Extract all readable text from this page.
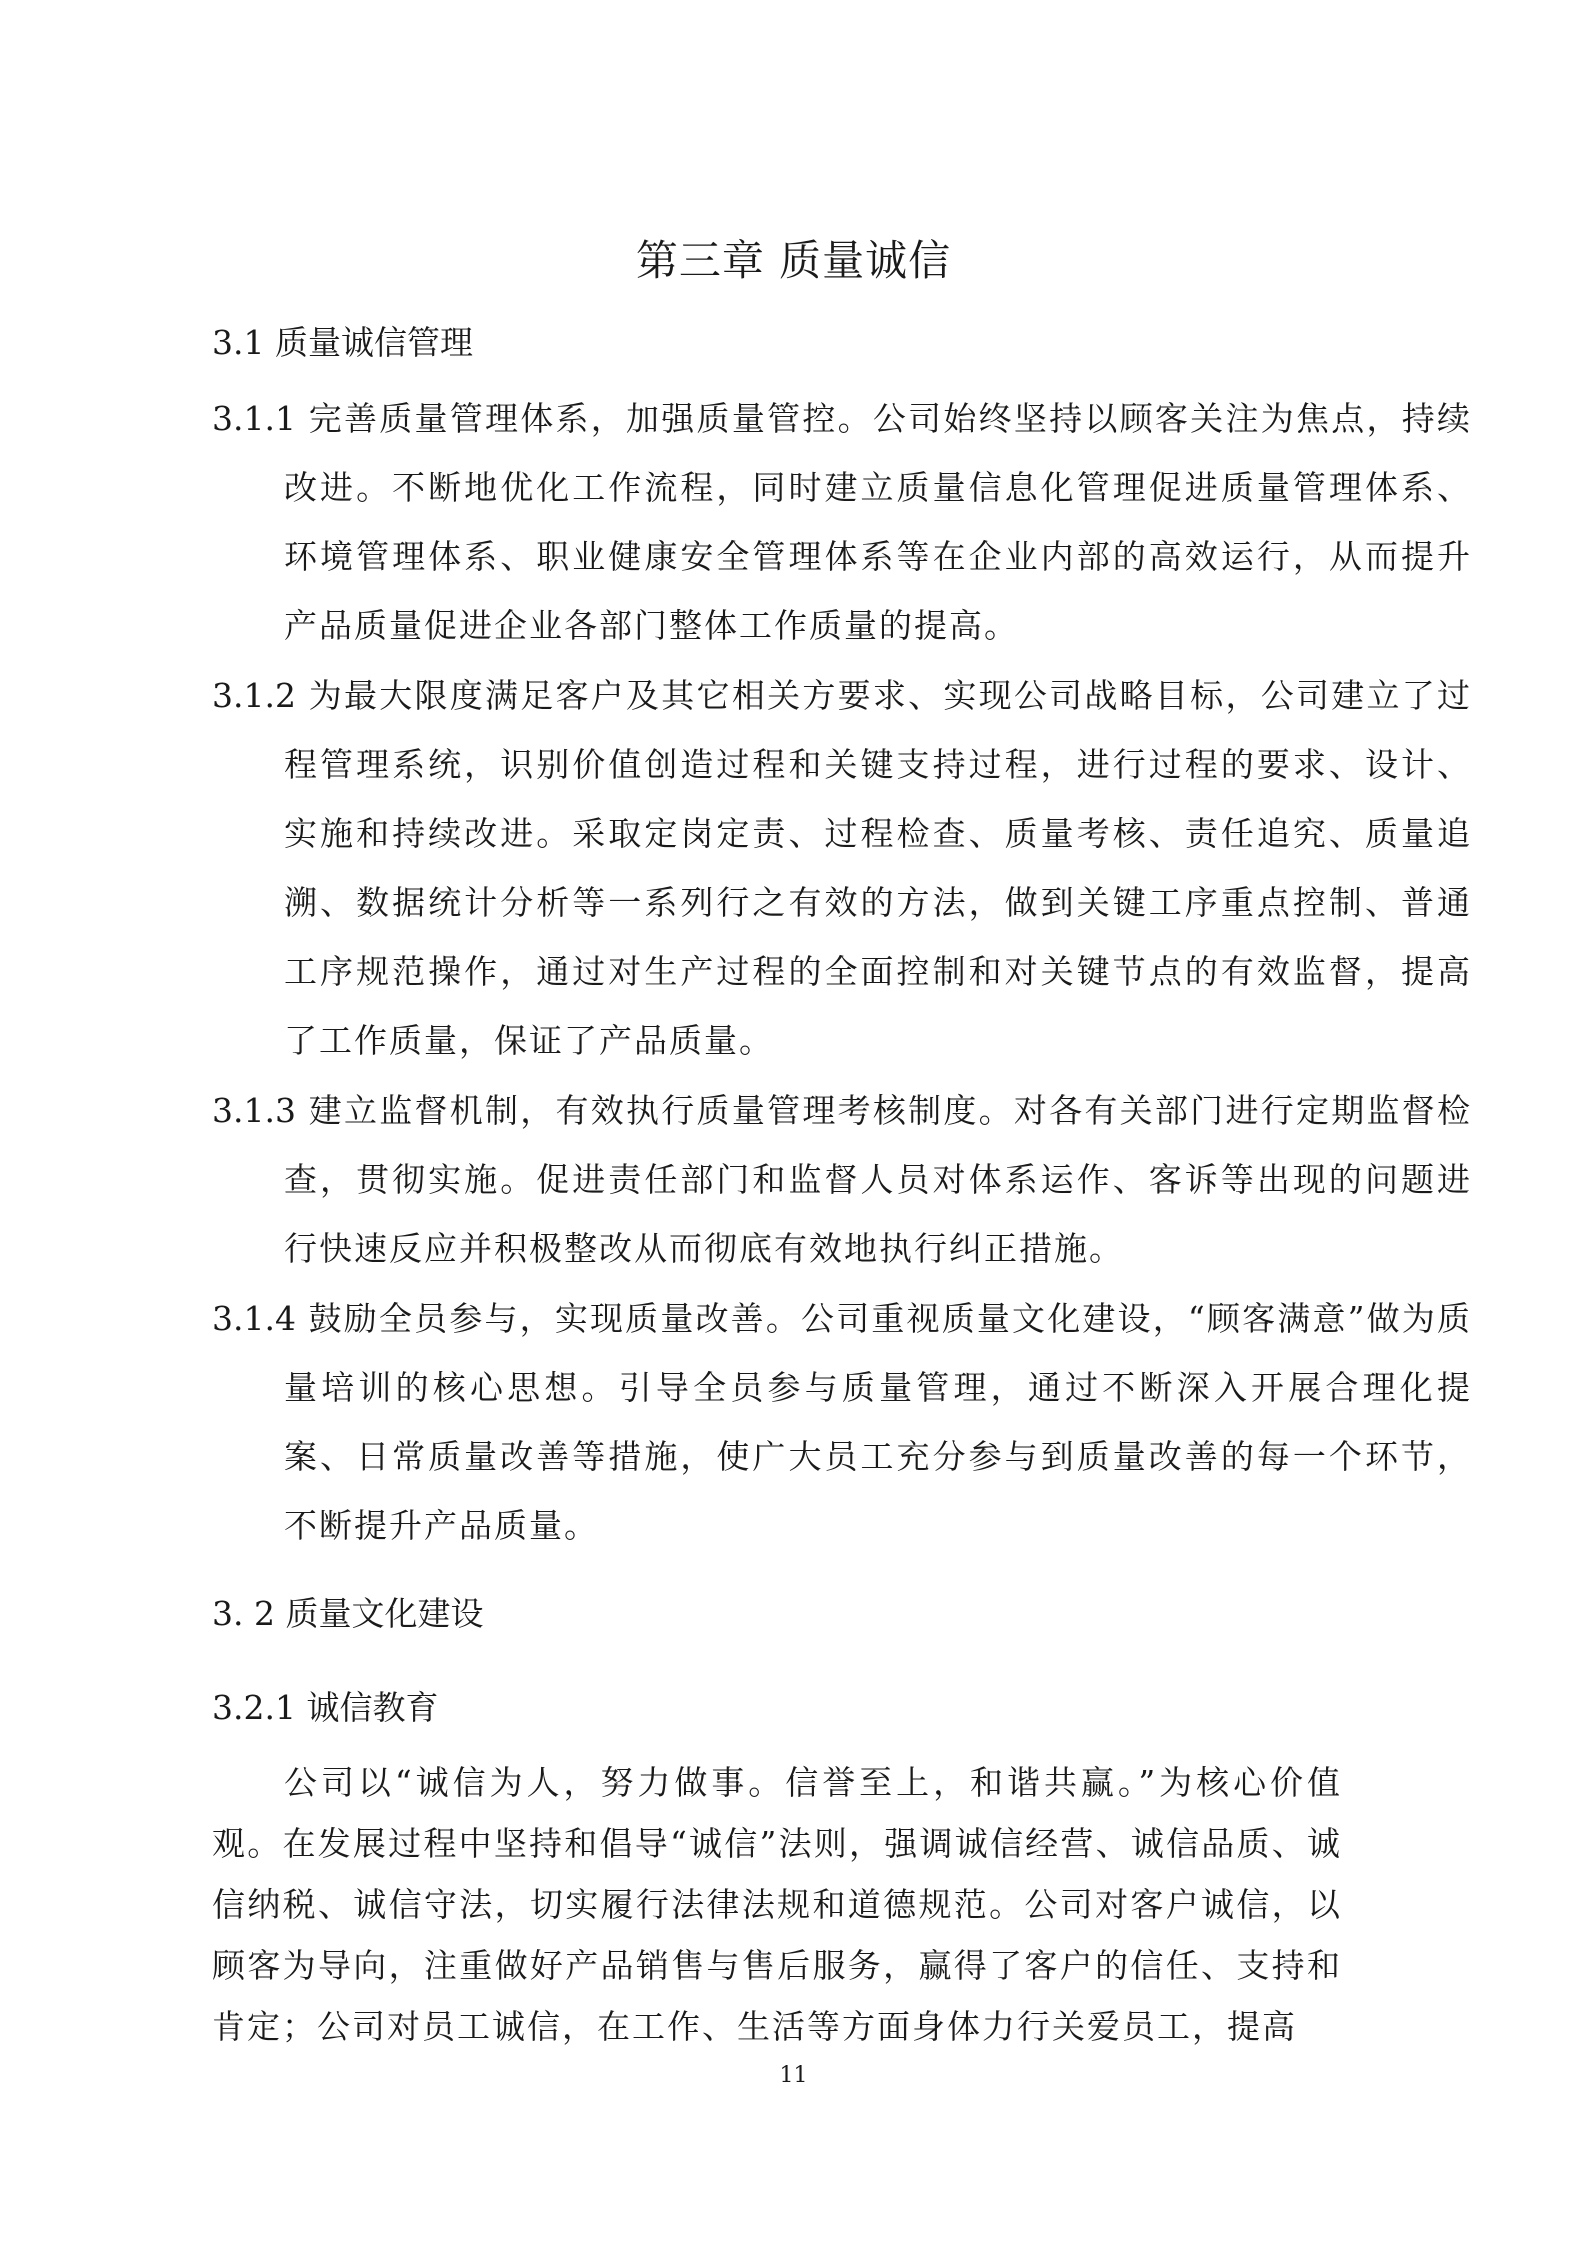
第三章 质量诚信
3.1 质量诚信管理

3.1.1 完善质量管理体系，加强质量管控。公司始终坚持以顾客关注为焦点，持续改进。不断地优化工作流程，同时建立质量信息化管理促进质量管理体系、环境管理体系、职业健康安全管理体系等在企业内部的高效运行，从而提升产品质量促进企业各部门整体工作质量的提高。

3.1.2 为最大限度满足客户及其它相关方要求、实现公司战略目标，公司建立了过程管理系统，识别价值创造过程和关键支持过程，进行过程的要求、设计、实施和持续改进。采取定岗定责、过程检查、质量考核、责任追究、质量追溯、数据统计分析等一系列行之有效的方法，做到关键工序重点控制、普通工序规范操作，通过对生产过程的全面控制和对关键节点的有效监督，提高了工作质量，保证了产品质量。

3.1.3 建立监督机制，有效执行质量管理考核制度。对各有关部门进行定期监督检查，贯彻实施。促进责任部门和监督人员对体系运作、客诉等出现的问题进行快速反应并积极整改从而彻底有效地执行纠正措施。

3.1.4 鼓励全员参与，实现质量改善。公司重视质量文化建设，“顾客满意”做为质量培训的核心思想。引导全员参与质量管理，通过不断深入开展合理化提案、日常质量改善等措施，使广大员工充分参与到质量改善的每一个环节，不断提升产品质量。

3. 2 质量文化建设
3.2.1 诚信教育

公司以“诚信为人，努力做事。信誉至上，和谐共赢。”为核心价值观。在发展过程中坚持和倡导“诚信”法则，强调诚信经营、诚信品质、诚信纳税、诚信守法，切实履行法律法规和道德规范。公司对客户诚信，以顾客为导向，注重做好产品销售与售后服务，赢得了客户的信任、支持和肯定；公司对员工诚信，在工作、生活等方面身体力行关爱员工，提高

11
